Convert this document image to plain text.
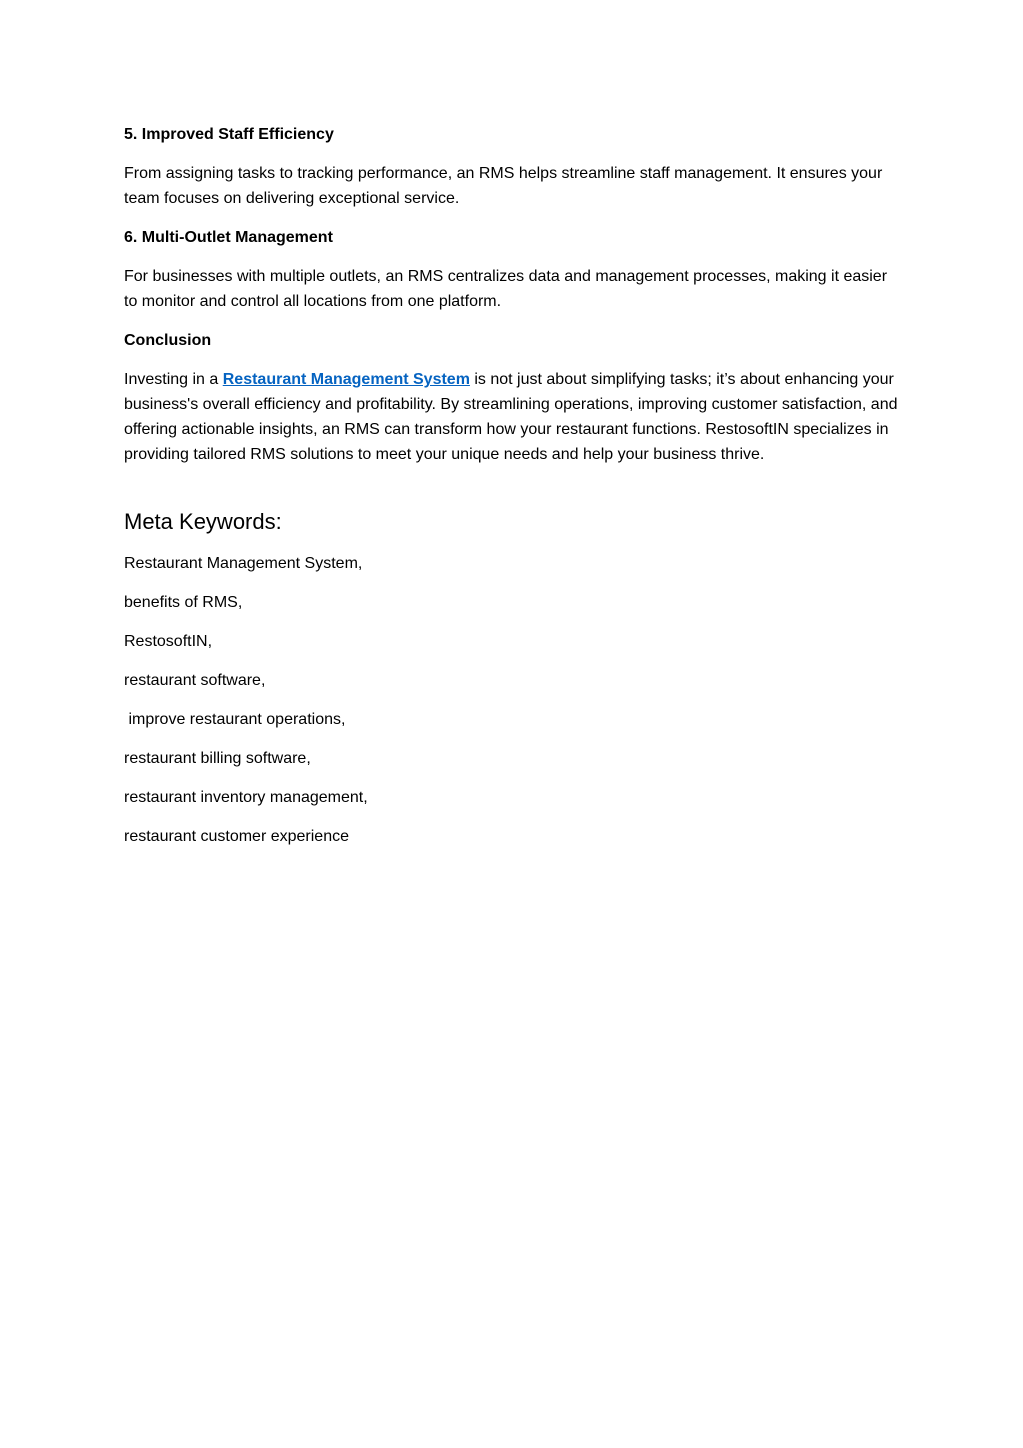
5. Improved Staff Efficiency

From assigning tasks to tracking performance, an RMS helps streamline staff management. It ensures your team focuses on delivering exceptional service.

6. Multi-Outlet Management

For businesses with multiple outlets, an RMS centralizes data and management processes, making it easier to monitor and control all locations from one platform.

Conclusion

Investing in a Restaurant Management System is not just about simplifying tasks; it’s about enhancing your business's overall efficiency and profitability. By streamlining operations, improving customer satisfaction, and offering actionable insights, an RMS can transform how your restaurant functions. RestosoftIN specializes in providing tailored RMS solutions to meet your unique needs and help your business thrive.

Meta Keywords:
Restaurant Management System,
benefits of RMS,
RestosoftIN,
restaurant software,
improve restaurant operations,
restaurant billing software,
restaurant inventory management,
restaurant customer experience
